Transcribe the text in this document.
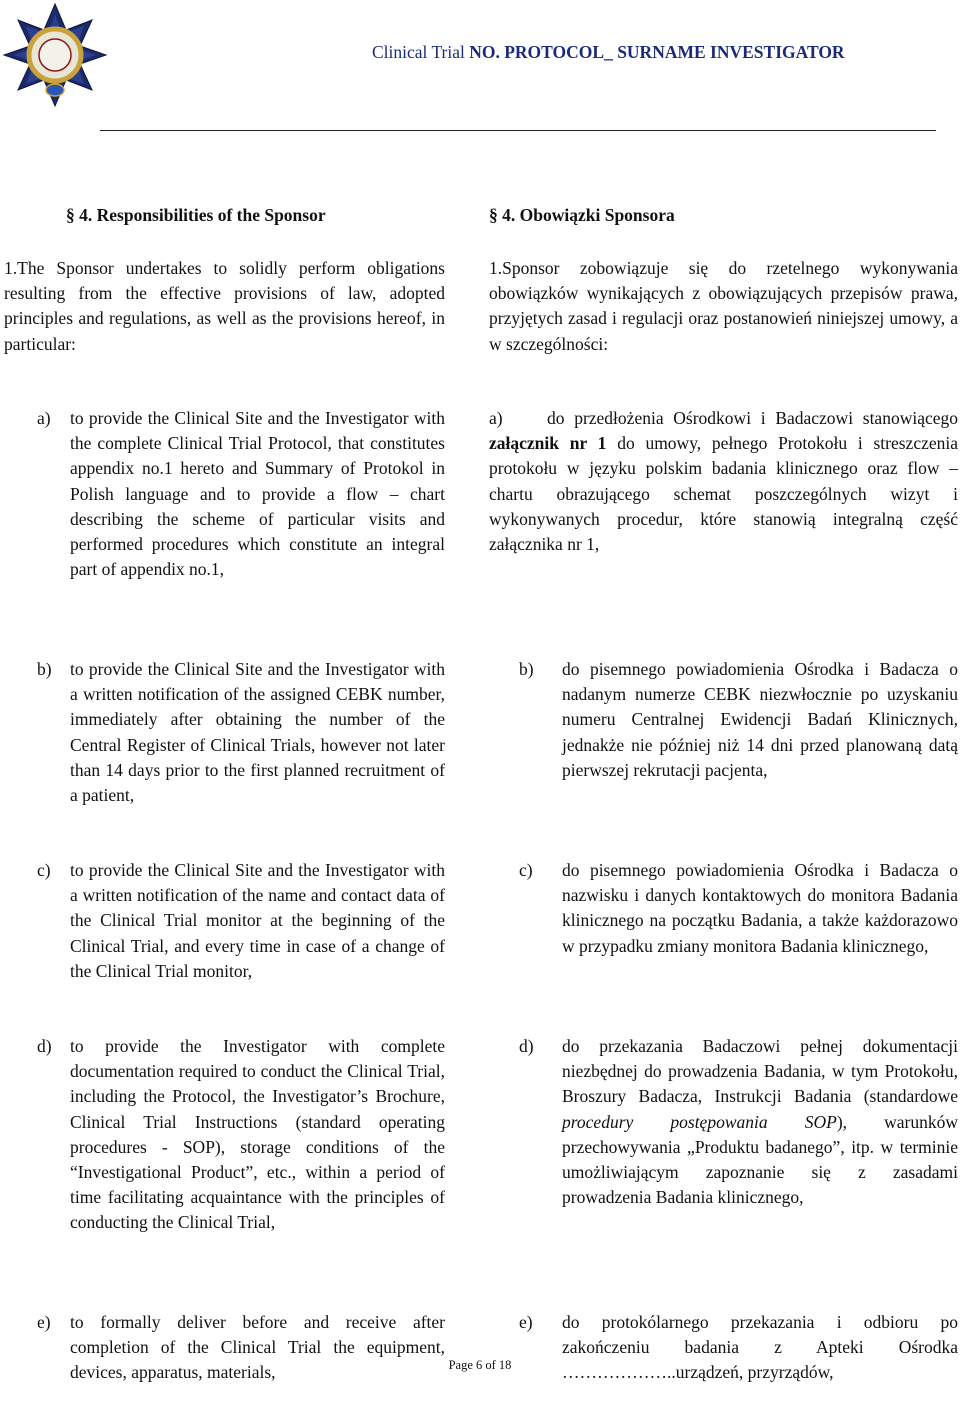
Clinical Trial NO. PROTOCOL_ SURNAME INVESTIGATOR
§ 4. Responsibilities of the Sponsor
1.The Sponsor undertakes to solidly perform obligations resulting from the effective provisions of law, adopted principles and regulations, as well as the provisions hereof, in particular:
a) to provide the Clinical Site and the Investigator with the complete Clinical Trial Protocol, that constitutes appendix no.1 hereto and Summary of Protokol in Polish language and to provide a flow – chart describing the scheme of particular visits and performed procedures which constitute an integral part of appendix no.1,
b) to provide the Clinical Site and the Investigator with a written notification of the assigned CEBK number, immediately after obtaining the number of the Central Register of Clinical Trials, however not later than 14 days prior to the first planned recruitment of a patient,
c) to provide the Clinical Site and the Investigator with a written notification of the name and contact data of the Clinical Trial monitor at the beginning of the Clinical Trial, and every time in case of a change of the Clinical Trial monitor,
d) to provide the Investigator with complete documentation required to conduct the Clinical Trial, including the Protocol, the Investigator’s Brochure, Clinical Trial Instructions (standard operating procedures - SOP), storage conditions of the “Investigational Product”, etc., within a period of time facilitating acquaintance with the principles of conducting the Clinical Trial,
e) to formally deliver before and receive after completion of the Clinical Trial the equipment, devices, apparatus, materials,
§ 4. Obowiązki Sponsora
1.Sponsor zobowiązuje się do rzetelnego wykonywania obowiązków wynikających z obowiązujących przepisów prawa, przyjętych zasad i regulacji oraz postanowień niniejszej umowy, a w szczególności:
a)	do przedłożenia Ośrodkowi i Badaczowi stanowiącego załącznik nr 1 do umowy, pełnego Protokołu i streszczenia protokołu w języku polskim badania klinicznego oraz flow – chartu obrazującego schemat poszczególnych wizyt i wykonywanych procedur, które stanowią integralną część załącznika nr 1,
b) do pisemnego powiadomienia Ośrodka i Badacza o nadanym numerze CEBK niezwłocznie po uzyskaniu numeru Centralnej Ewidencji Badań Klinicznych, jednakże nie później niż 14 dni przed planowaną datą pierwszej rekrutacji pacjenta,
c) do pisemnego powiadomienia Ośrodka i Badacza o nazwisku i danych kontaktowych do monitora Badania klinicznego na początku Badania, a także każdorazowo w przypadku zmiany monitora Badania klinicznego,
d) do przekazania Badaczowi pełnej dokumentacji niezbędnej do prowadzenia Badania, w tym Protokołu, Broszury Badacza, Instrukcji Badania (standardowe procedury postępowania SOP), warunków przechowywania „Produktu badanego”, itp. w terminie umożliwiającym zapoznanie się z zasadami prowadzenia Badania klinicznego,
e) do protokólarnego przekazania i odbioru po zakończeniu badania z Apteki Ośrodka ………………..urządzeń, przyrządów,
Page 6 of 18
